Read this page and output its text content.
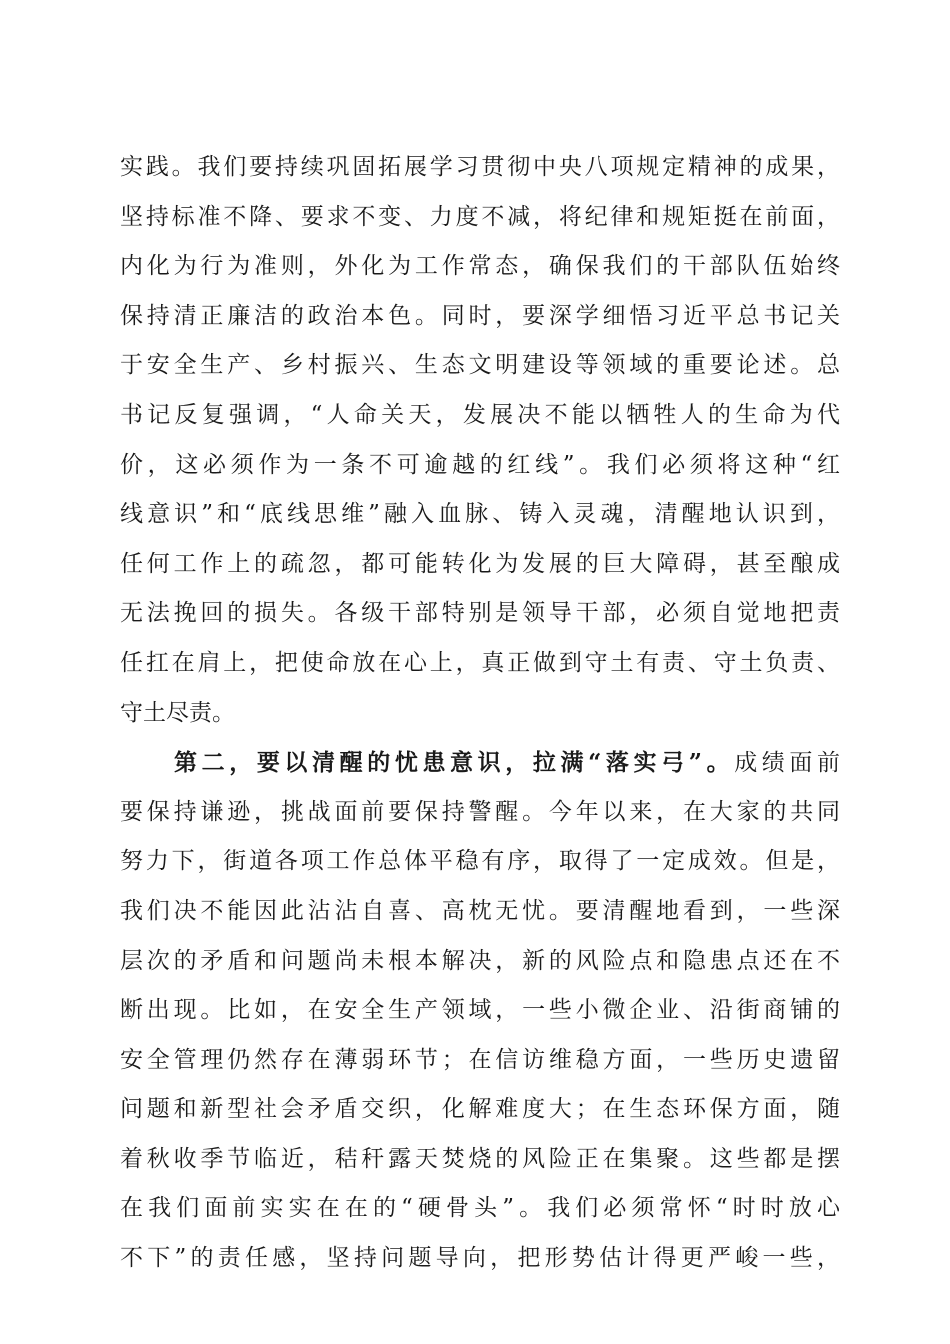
实践。我们要持续巩固拓展学习贯彻中央八项规定精神的成果，
坚持标准不降、要求不变、力度不减，将纪律和规矩挺在前面，
内化为行为准则，外化为工作常态，确保我们的干部队伍始终
保持清正廉洁的政治本色。同时，要深学细悟习近平总书记关
于安全生产、乡村振兴、生态文明建设等领域的重要论述。总
书记反复强调，“人命关天，发展决不能以牺牲人的生命为代
价，这必须作为一条不可逾越的红线”。我们必须将这种“红
线意识”和“底线思维”融入血脉、铸入灵魂，清醒地认识到，
任何工作上的疏忽，都可能转化为发展的巨大障碍，甚至酿成
无法挽回的损失。各级干部特别是领导干部，必须自觉地把责
任扛在肩上，把使命放在心上，真正做到守土有责、守土负责、
守土尽责。
第二，要以清醒的忧患意识，拉满“落实弓”。成绩面前
要保持谦逊，挑战面前要保持警醒。今年以来，在大家的共同
努力下，街道各项工作总体平稳有序，取得了一定成效。但是，
我们决不能因此沾沾自喜、高枕无忧。要清醒地看到，一些深
层次的矛盾和问题尚未根本解决，新的风险点和隐患点还在不
断出现。比如，在安全生产领域，一些小微企业、沿街商铺的
安全管理仍然存在薄弱环节；在信访维稳方面，一些历史遗留
问题和新型社会矛盾交织，化解难度大；在生态环保方面，随
着秋收季节临近，秸秆露天焚烧的风险正在集聚。这些都是摆
在我们面前实实在在的“硬骨头”。我们必须常怀“时时放心
不下”的责任感，坚持问题导向，把形势估计得更严峻一些，
